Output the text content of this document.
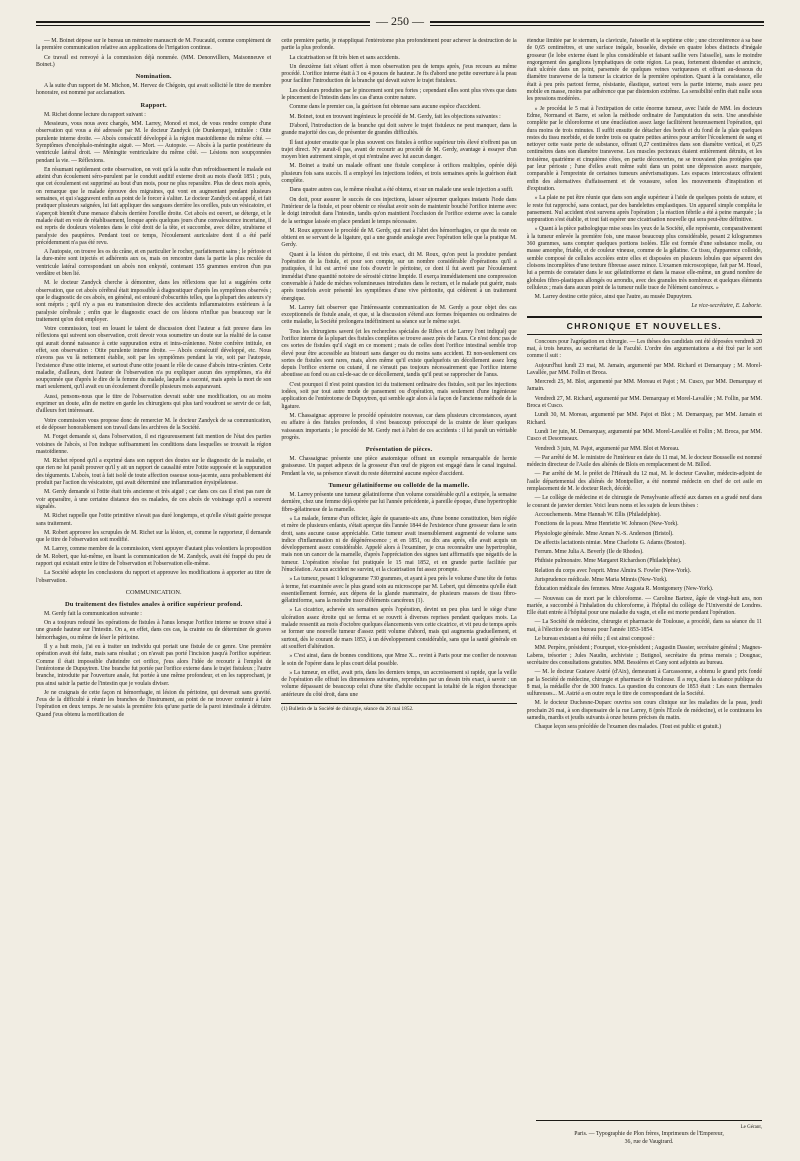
— 250 —

— M. Boinet dépose sur le bureau un mémoire manuscrit de M. Foucauld, comme complément de la première communication relative aux applications de l'irrigation continue.

Ce travail est renvoyé à la commission déjà nommée. (MM. Denonvilliers, Maisonneuve et Boinet.)

Nomination.

A la suite d'un rapport de M. Michon, M. Hervez de Chégoin, qui avait sollicité le titre de membre honoraire, est nommé par acclamation.

Rapport.

M. Richet donne lecture du rapport suivant :

Messieurs, vous nous avez chargés, MM. Larrey, Monod et moi, de vous rendre compte d'une observation qui vous a été adressée par M. le docteur Zandyck (de Dunkerque), intitulée : Otite purulente interne droite. — Abcès consécutif développé à la région mastoïdienne du même côté. — Symptômes d'encéphalo-méningite aiguë. — Mort. — Autopsie. — Abcès à la partie postérieure du ventricule latéral droit. — Méningite ventriculaire du même côté. — Lésions non soupçonnées pendant la vie. — Réflexions.

En résumant rapidement cette observation, on voit qu'à la suite d'un refroidissement le malade est atteint d'un écoulement séro-purulent par le conduit auditif externe droit au mois d'août 1851 ; puis, que cet écoulement est supprimé au bout d'un mois, pour ne plus reparaître. Plus de deux mois après, on remarque que le malade éprouve des migraines, qui vont en augmentant pendant plusieurs semaines, et qui s'aggravent enfin au point de le forcer à s'aliter. Le docteur Zandyck est appelé, et fait pratiquer plusieurs saignées, lui fait appliquer des sangsues derrière les oreilles, puis un vésicatoire, et s'aperçoit bientôt d'une menace d'abcès derrière l'oreille droite. Cet abcès est ouvert, se déterge, et le malade était en voie de rétablissement, lorsque après quelques jours d'une convalescence incertaine, il est repris de douleurs violentes dans le côté droit de la tête, et succombe, avec délire, strabisme et paralysie des paupières. Pendant tout ce temps, l'écoulement auriculaire dont il a été parlé précédemment n'a pas été revu.

A l'autopsie, on trouve les os du crâne, et en particulier le rocher, parfaitement sains ; le périoste et la dure-mère sont injectés et adhérents aux os, mais on rencontre dans la partie la plus reculée du ventricule latéral correspondant un abcès non enkysté, contenant 155 grammes environ d'un pus verdâtre et bien lié.

M. le docteur Zandyck cherche à démontrer, dans les réflexions que lui a suggérées cette observation, que cet abcès cérébral était impossible à diagnostiquer d'après les symptômes observés ; que le diagnostic de ces abcès, en général, est entouré d'obscurités telles, que la plupart des auteurs s'y sont mépris ; qu'il n'y a pas eu transmission directe des accidents inflammatoires extérieurs à la paralysie cérébrale ; enfin que le diagnostic exact de ces lésions n'influe pas beaucoup sur le traitement qu'on doit employer.

Votre commission, tout en louant le talent de discussion dont l'auteur a fait preuve dans les réflexions qui suivent son observation, croit devoir vous soumettre un doute sur la réalité de la cause qui aurait donné naissance à cette suppuration extra et intra-crânienne. Notre confrère intitule, en effet, son observation : Otite purulente interne droite. — Abcès consécutif développé, etc. Nous n'avons pas vu là nettement établie, soit par les symptômes pendant la vie, soit par l'autopsie, l'existence d'une otite interne, et surtout d'une otite jouant le rôle de cause d'abcès intra-crânien. Cette maladie, d'ailleurs, dont l'auteur de l'observation n'a pu expliquer aucun des symptômes, n'a été soupçonnée que d'après le dire de la femme du malade, laquelle a raconté, mais après la mort de son mari seulement, qu'il avait eu un écoulement d'oreille plusieurs mois auparavant.

Aussi, pensons-nous que le titre de l'observation devrait subir une modification, ou au moins exprimer un doute, afin de mettre en garde les chirurgiens qui plus tard voudront se servir de ce fait, d'ailleurs fort intéressant.

Votre commission vous propose donc de remercier M. le docteur Zandyck de sa communication, et de déposer honorablement son travail dans les archives de la Société.

M. Forget demande si, dans l'observation, il est rigoureusement fait mention de l'état des parties voisines de l'abcès, si l'on indique suffisamment les conditions dans lesquelles se trouvait la région mastoïdienne.

M. Richet répond qu'il a exprimé dans son rapport des doutes sur le diagnostic de la maladie, et que rien ne lui paraît prouver qu'il y ait un rapport de causalité entre l'otite supposée et la suppuration des téguments. L'abcès, tout à fait isolé de toute affection osseuse sous-jacente, aura probablement été produit par l'action du vésicatoire, qui avait déterminé une inflammation érysipélateuse.

M. Gerdy demande si l'otite était très ancienne et très aiguë ; car dans ces cas il n'est pas rare de voir apparaître, à une certaine distance des os malades, de ces abcès de voisinage qu'il a souvent signalés.

M. Richet rappelle que l'otite primitive n'avait pas duré longtemps, et qu'elle s'était guérie presque sans traitement.

M. Robert approuve les scrupules de M. Richet sur la lésion, et, comme le rapporteur, il demande que le titre de l'observation soit modifié.

M. Larrey, comme membre de la commission, vient appuyer d'autant plus volontiers la proposition de M. Robert, que lui-même, en lisant la communication de M. Zandyck, avait été frappé du peu de rapport qui existait entre le titre de l'observation et l'observation elle-même.

La Société adopte les conclusions du rapport et approuve les modifications à apporter au titre de l'observation.

COMMUNICATION.
Du traitement des fistules anales à orifice supérieur profond.

M. Gerdy fait la communication suivante :

On a toujours redouté les opérations de fistules à l'anus lorsque l'orifice interne se trouve situé à une grande hauteur sur l'intestin. On a, en effet, dans ces cas, la crainte ou de déterminer de graves hémorrhagies, ou même de léser le péritoine.

Il y a huit mois, j'ai eu à traiter un individu qui portait une fistule de ce genre. Une première opération avait été faite, mais sans résultat ; on n'avait pas porté l'incision jusqu'à l'orifice supérieur. Comme il était impossible d'atteindre cet orifice, j'eus alors l'idée de recourir à l'emploi de l'entérotome de Dupuytren. Une branche fut portée par l'orifice externe dans le trajet fistuleux ; l'autre branche, introduite par l'ouverture anale, fut portée à une même profondeur, et en les rapprochant, je pus ainsi saisir la partie de l'intestin que je voulais diviser.

Je ne craignais de cette façon ni hémorrhagie, ni lésion du péritoine, qui devenait sans gravité. J'eus de la difficulté à réunir les branches de l'instrument, au point de ne trouver contenir à faire l'opération en deux temps. Je ne saisis la première fois qu'une partie de la paroi intestinale à détruire. Quand j'eus obtenu la mortification de

cette première partie, je réappliquai l'entérotome plus profondément pour achever la destruction de la partie la plus profonde.

La cicatrisation se fit très bien et sans accidents.

Un deuxième fait s'étant offert à mon observation peu de temps après, j'eus recours au même procédé. L'orifice interne était à 3 ou 4 pouces de hauteur. Je fis d'abord une petite ouverture à la peau pour faciliter l'introduction de la branche qui devait suivre le trajet fistuleux.

Les douleurs produites par le pincement sont peu fortes ; cependant elles sont plus vives que dans le pincement de l'intestin dans les cas d'anus contre nature.

Comme dans le premier cas, la guérison fut obtenue sans aucune espèce d'accident.

M. Boinet, tout en trouvant ingénieux le procédé de M. Gerdy, fait les objections suivantes :

D'abord, l'introduction de la branche qui doit suivre le trajet fistuleux ne peut manquer, dans la grande majorité des cas, de présenter de grandes difficultés.

Il faut ajouter ensuite que le plus souvent ces fistules à orifice supérieur très élevé n'offrent pas un trajet direct. N'y aurait-il pas, avant de recourir au procédé de M. Gerdy, avantage à essayer d'un moyen bien autrement simple, et qui n'entraîne avec lui aucun danger.

M. Boinet a traité un malade offrant une fistule complexe à orifices multiples, opérée déjà plusieurs fois sans succès. Il a employé les injections iodées, et trois semaines après la guérison était complète.

Dans quatre autres cas, le même résultat a été obtenu, et sur un malade une seule injection a suffi.

On doit, pour assurer le succès de ces injections, laisser séjourner quelques instants l'iode dans l'intérieur de la fistule, et pour obtenir ce résultat avoir soin de maintenir bouché l'orifice interne avec le doigt introduit dans l'intestin, tandis qu'on maintient l'occlusion de l'orifice externe avec la canule de la seringue laissée en place pendant le temps nécessaire.

M. Roux approuve le procédé de M. Gerdy, qui met à l'abri des hémorrhagies, ce que du reste on obtient en se servant de la ligature, qui a une grande analogie avec l'opération telle que la pratique M. Gerdy.

Quant à la lésion du péritoine, il est très exact, dit M. Roux, qu'on peut la produire pendant l'opération de la fistule, et pour son compte, sur un nombre considérable d'opérations qu'il a pratiquées, il lui est arrivé une fois d'ouvrir le péritoine, ce dont il fut averti par l'écoulement immédiat d'une quantité notoire de sérosité citrine limpide. Il exerça immédiatement une compression convenable à l'aide de mèches volumineuses introduites dans le rectum, et le malade put guérir, mais après toutefois avoir présenté les symptômes d'une vive péritonite, qui cédèrent à un traitement énergique.

M. Larrey fait observer que l'intéressante communication de M. Gerdy a pour objet des cas exceptionnels de fistule anale, et que, si la discussion s'étend aux formes fréquentes ou ordinaires de cette maladie, la Société prolongera indéfiniment sa séance sur le même sujet.

Tous les chirurgiens savent (et les recherches spéciales de Ribes et de Larrey l'ont indiqué) que l'orifice interne de la plupart des fistules complètes se trouve assez près de l'anus. Ce n'est donc pas de ces sortes de fistules qu'il s'agit en ce moment ; mais de celles dont l'orifice intestinal semble trop élevé pour être accessible au bistouri sans danger ou du moins sans accident. Et non-seulement ces sortes de fistules sont rares, mais, alors même qu'il existe quelquefois un décollement assez long depuis l'orifice externe ou cutané, il ne s'ensuit pas toujours nécessairement que l'orifice interne aboutisse au fond ou au cul-de-sac de ce décollement, tandis qu'il peut se rapprocher de l'anus.

C'est pourquoi il n'est point question ici du traitement ordinaire des fistules, soit par les injections iodées, soit par tout autre mode de pansement ou d'opération, mais seulement d'une ingénieuse application de l'entérotome de Dupuytren, qui semble agir alors à la façon de l'ancienne méthode de la ligature.

M. Chassaignac approuve le procédé opératoire nouveau, car dans plusieurs circonstances, ayant eu affaire à des fistules profondes, il s'est beaucoup préoccupé de la crainte de léser quelques vaisseaux importants ; le procédé de M. Gerdy met à l'abri de ces accidents : il lui paraît un véritable progrès.

Présentation de pièces.

M. Chassaignac présente une pièce anatomique offrant un exemple remarquable de hernie graisseuse. Un paquet adipeux de la grosseur d'un œuf de pigeon est engagé dans le canal inguinal. Pendant la vie, sa présence n'avait du reste déterminé aucune espèce d'accident.

Tumeur gélatiniforme ou colloïde de la mamelle.

M. Larrey présente une tumeur gélatiniforme d'un volume considérable qu'il a extirpée, la semaine dernière, chez une femme déjà opérée par lui l'année précédente, à pareille époque, d'une hypertrophie fibro-gélatineuse de la mamelle.

« La malade, femme d'un officier, âgée de quarante-six ans, d'une bonne constitution, bien réglée et mère de plusieurs enfants, s'était aperçue dès l'année 1844 de l'existence d'une grosseur dans le sein droit, sans aucune cause appréciable. Cette tumeur avait insensiblement augmenté de volume sans indice d'inflammation ni de dégénérescence ; et en 1851, ou dix ans après, elle avait acquis un développement assez considérable. Appelé alors à l'examiner, je crus reconnaître une hypertrophie, mais non un cancer de la mamelle, d'après l'appréciation des signes tant affirmatifs que négatifs de la tumeur. L'opération résolue fut pratiquée le 15 mai 1852, et en grande partie facilitée par l'énucléation. Aucun accident ne survint, et la cicatrisation fut assez prompte.

» La tumeur, pesant 1 kilogramme 730 grammes, et ayant à peu près le volume d'une tête de fœtus à terme, fut examinée avec le plus grand soin au microscope par M. Lebert, qui démontra qu'elle était essentiellement formée, aux dépens de la glande mammaire, de plusieurs masses de tissu fibro-gélatiniforme, sans la moindre trace d'éléments cancéreux (1).

» La cicatrice, achevée six semaines après l'opération, devint un peu plus tard le siège d'une ulcération assez étroite qui se ferma et se rouvrit à diverses reprises pendant quelques mois. La malade ressentit au mois d'octobre quelques élancements vers cette cicatrice, et vit peu de temps après se former une nouvelle tumeur d'assez petit volume d'abord, mais qui augmenta graduellement, et surtout, dès le courant de mars 1853, à un développement considérable, sans que la santé générale en ait souffert d'altération.

» C'est ainsi, dans de bonnes conditions, que Mme X... revint à Paris pour me confier de nouveau le soin de l'opérer dans le plus court délai possible.

» La tumeur, en effet, avait pris, dans les derniers temps, un accroissement si rapide, que la veille de l'opération elle offrait les dimensions suivantes, reproduites par un dessin très exact, à savoir : un volume dépassant de beaucoup celui d'une tête d'adulte occupant la totalité de la région thoracique antérieure du côté droit, dans une

(1) Bulletin de la Société de chirurgie, séance du 26 mai 1852.

étendue limitée par le sternum, la clavicule, l'aisselle et la septième côte ; une circonférence à sa base de 0,65 centimètres, et une surface inégale, bosselée, divisée en quatre lobes distincts d'inégale grosseur (le lobe externe étant le plus considérable et faisant saillie vers l'aisselle), sans le moindre engorgement des ganglions lymphatiques de cette région. La peau, fortement distendue et amincie, était ulcérée dans un point, parsemée de quelques veines variqueuses et offrant au-dessous du diamètre transverse de la tumeur la cicatrice de la première opération. Quant à la consistance, elle était à peu près partout ferme, résistante, élastique, surtout vers la partie interne, mais assez peu mobile en masse, moins par adhérence que par distension extrême. La sensibilité enfin était nulle sous les pressions modérées.

» Je procédai le 5 mai à l'extirpation de cette énorme tumeur, avec l'aide de MM. les docteurs Edme, Normand et Barre, et selon la méthode ordinaire de l'amputation du sein. Une anesthésie complète par le chloroforme et une énucléation assez large facilitèrent heureusement l'opération, qui dura moins de trois minutes. Il suffit ensuite de détacher des bords et du fond de la plaie quelques restes du tissu morbide, et de tordre trois ou quatre petites artères pour arrêter l'écoulement de sang et nettoyer cette vaste perte de substance, offrant 0,27 centimètres dans son diamètre vertical, et 0,25 centimètres dans son diamètre transverse. Les muscles pectoraux étaient entièrement détruits, et les troisième, quatrième et cinquième côtes, en partie découvertes, ne se trouvaient plus protégées que par leur périoste ; l'une d'elles avait même subi dans un point une dépression assez marquée, comparable à l'empreinte de certaines tumeurs anévrismatiques. Les espaces intercostaux offraient enfin des alternatives d'affaissement et de voussure, selon les mouvements d'inspiration et d'expiration.

» La plaie ne put être réunie que dans son angle supérieur à l'aide de quelques points de suture, et le reste fut rapproché, sans contact, par des bandelettes emplastiques. Un appareil simple compléta le pansement. Nul accident n'est survenu après l'opération ; la réaction fébrile a été à peine marquée ; la suppuration s'est établie, et tout fait espérer une cicatrisation nouvelle qui sera peut-être définitive.

» Quant à la pièce pathologique mise sous les yeux de la Société, elle représente, comparativement à la tumeur enlevée la première fois, une masse beaucoup plus considérable, pesant 2 kilogrammes 360 grammes, sans compter quelques portions isolées. Elle est formée d'une substance molle, ou masse amorphe, friable, et de couleur vineuse, comme de la gélatine. Ce tissu, d'apparence colloïde, semble composé de cellules accolées entre elles et disposées en plusieurs lobules que séparent des cloisons incomplètes d'une texture fibreuse assez mince. L'examen microscopique, fait par M. Houel, lui a permis de constater dans le suc gélatiniforme et dans la masse elle-même, un grand nombre de globules fibro-plastiques allongés ou arrondis, avec des granules très nombreux et quelques éléments celluleux ; mais dans aucun point de la tumeur nulle trace de l'élément cancéreux. »

M. Larrey destine cette pièce, ainsi que l'autre, au musée Dupuytren.

Le vice-secrétaire, E. Laborie.
CHRONIQUE ET NOUVELLES.

Concours pour l'agrégation en chirurgie. — Les thèses des candidats ont été déposées vendredi 20 mai, à trois heures, au secrétariat de la Faculté. L'ordre des argumentations a été fixé par le sort comme il suit :

Aujourd'hui lundi 23 mai, M. Jamain, argumenté par MM. Richard et Demarquay ; M. Morel-Lavallée, par MM. Follin et Broca.

Mercredi 25, M. Blot, argumenté par MM. Moreau et Pajot ; M. Cusco, par MM. Demarquay et Jamain.

Vendredi 27, M. Richard, argumenté par MM. Demarquay et Morel-Lavallée ; M. Follin, par MM. Broca et Cusco.

Lundi 30, M. Moreau, argumenté par MM. Pajot et Blot ; M. Demarquay, par MM. Jamain et Richard.

Lundi 1er juin, M. Demarquay, argumenté par MM. Morel-Lavallée et Follin ; M. Broca, par MM. Cusco et Desormeaux.

Vendredi 3 juin, M. Pajot, argumenté par MM. Blot et Moreau.

— Par arrêté de M. le ministre de l'intérieur en date du 11 mai, M. le docteur Bousselle est nommé médecin directeur de l'Asile des aliénés de Blois en remplacement de M. Billod.

— Par arrêté de M. le préfet de l'Hérault du 12 mai, M. le docteur Cavalier, médecin-adjoint de l'asile départemental des aliénés de Montpellier, a été nommé médecin en chef de cet asile en remplacement de M. le docteur Rech, décédé.

— Le collège de médecine et de chirurgie de Pensylvanie affecté aux dames en a gradé neuf dans le courant de janvier dernier. Voici leurs noms et les sujets de leurs thèses :

Accouchements. Mme Hannah W. Ellis (Philadelphie).

Fonctions de la peau. Mme Henriette W. Johnson (New-York).

Physiologie générale. Mme Annan N.-S. Anderson (Bristol).

De affectis lactationis nimiæ. Mme Charlotte G. Adams (Boston).

Ferrum. Mme Julia A. Beverly (Ile de Rhodes).

Phthisie pulmonaire. Mme Margaret Richardson (Philadelphie).

Relation du corps avec l'esprit. Mme Almira S. Fowler (New-York).

Jurisprudence médicale. Mme Maria Minnis (New-York).

Éducation médicale des femmes. Mme Augusta R. Montgomery (New-York).

— Nouveau cas de mort par le chloroforme. — Caroline Bartrez, âgée de vingt-huit ans, non mariée, a succombé à l'inhalation du chloroforme, à l'hôpital du collège de l'Université de Londres. Elle était entrée à l'hôpital pour une maladie du vagin, et elle est morte pendant l'opération.

— La Société de médecine, chirurgie et pharmacie de Toulouse, a procédé, dans sa séance du 11 mai, à l'élection de son bureau pour l'année 1853-1854.

Le bureau existant a été réélu ; il est ainsi composé :

MM. Perpère, président ; Fourquet, vice-président ; Augustin Dassier, secrétaire général ; Magnes-Labens, trésorier ; Jules Naudin, archiviste ; Butignol, secrétaire du prima mensis ; Dougnac, secrétaire des consultations gratuites. MM. Bessières et Cany sont adjoints au bureau.

— M. le docteur Gustave Astrié (d'Aix), demeurant à Carcassonne, a obtenu le grand prix fondé par la Société de médecine, chirurgie et pharmacie de Toulouse. Il a reçu, dans la séance publique du 8 mai, la médaille d'or de 300 francs. La question du concours de 1853 était : Les eaux thermales sulfureuses... M. Astrié a en outre reçu le titre de correspondant de la Société.

M. le docteur Duchesne-Duparc ouvrira son cours clinique sur les maladies de la peau, jeudi prochain 26 mai, à son dispensaire de la rue Larrey, 8 (près l'École de médecine), et le continuera les samedis, mardis et jeudis suivants à onze heures précises du matin.

Chaque leçon sera précédée de l'examen des malades. (Tout est public et gratuit.)

Le Gérant,
Paris. — Typographie de Plon frères, Imprimeurs de l'Empereur,
36, rue de Vaugirard.
